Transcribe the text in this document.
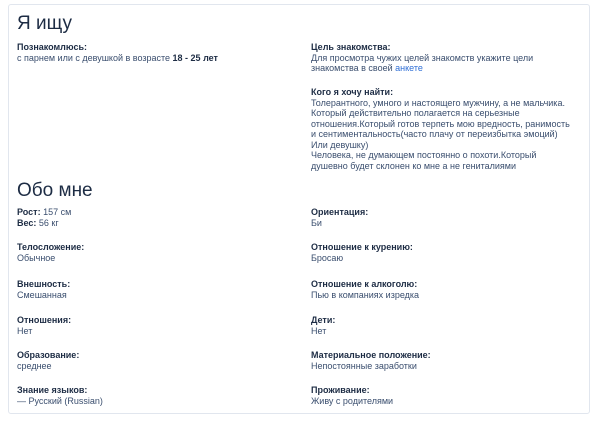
Я ищу
Познакомлюсь:
с парнем или с девушкой в возрасте 18 - 25 лет
Цель знакомства:
Для просмотра чужих целей знакомств укажите цели знакомства в своей анкете
Кого я хочу найти:
Толерантного, умного и настоящего мужчину, а не мальчика.
Который действительно полагается на серьезные
отношения.Который готов терпеть мою вредность, ранимость
и сентиментальность(часто плачу от переизбытка эмоций)
Или девушку)
Человека, не думающем постоянно о похоти.Который
душевно будет склонен ко мне а не гениталиями
Обо мне
Рост: 157 см
Вес: 56 кг
Ориентация:
Би
Телосложение:
Обычное
Отношение к курению:
Бросаю
Внешность:
Смешанная
Отношение к алкоголю:
Пью в компаниях изредка
Отношения:
Нет
Дети:
Нет
Образование:
среднее
Материальное положение:
Непостоянные заработки
Знание языков:
— Русский (Russian)
Проживание:
Живу с родителями
